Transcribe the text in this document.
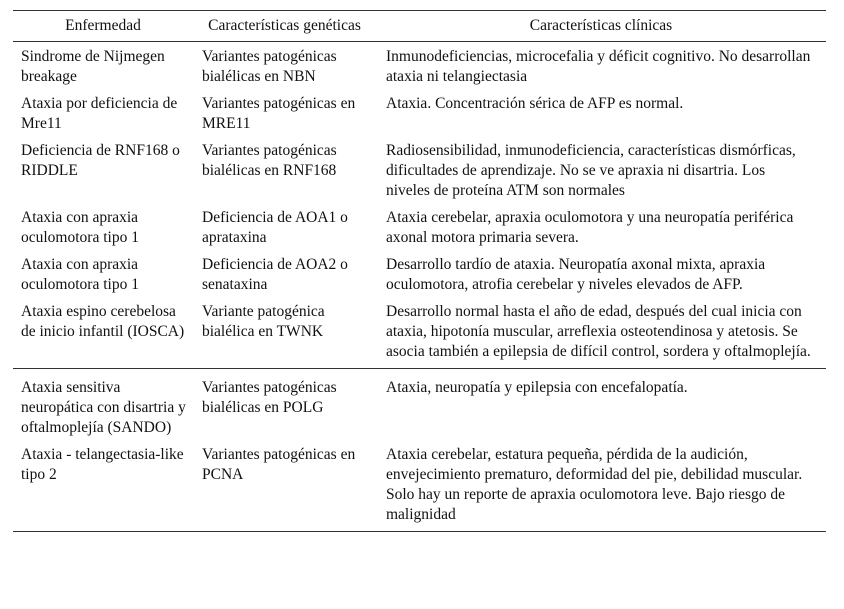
Enfermedad	Características genéticas	Características clínicas
Sindrome de Nijmegen breakage	Variantes patogénicas bialélicas en NBN	Inmunodeficiencias, microcefalia y déficit cognitivo. No desarrollan ataxia ni telangiectasia
Ataxia por deficiencia de Mre11	Variantes patogénicas en MRE11	Ataxia. Concentración sérica de AFP es normal.
Deficiencia de RNF168 o RIDDLE	Variantes patogénicas bialélicas en RNF168	Radiosensibilidad, inmunodeficiencia, características dismórficas, dificultades de aprendizaje. No se ve apraxia ni disartria. Los niveles de proteína ATM son normales
Ataxia con apraxia oculomotora tipo 1	Deficiencia de AOA1 o aprataxina	Ataxia cerebelar, apraxia oculomotora y una neuropatía periférica axonal motora primaria severa.
Ataxia con apraxia oculomotora tipo 1	Deficiencia de AOA2 o senataxina	Desarrollo tardío de ataxia. Neuropatía axonal mixta, apraxia oculomotora, atrofia cerebelar y niveles elevados de AFP.
Ataxia espino cerebelosa de inicio infantil (IOSCA)	Variante patogénica bialélica en TWNK	Desarrollo normal hasta el año de edad, después del cual inicia con ataxia, hipotonía muscular, arreflexia osteotendinosa y atetosis. Se asocia también a epilepsia de difícil control, sordera y oftalmoplejía.
Ataxia sensitiva neuropática con disartria y oftalmoplejía (SANDO)	Variantes patogénicas bialélicas en POLG	Ataxia, neuropatía y epilepsia con encefalopatía.
Ataxia - telangectasia-like tipo 2	Variantes patogénicas en PCNA	Ataxia cerebelar, estatura pequeña, pérdida de la audición, envejecimiento prematuro, deformidad del pie, debilidad muscular. Solo hay un reporte de apraxia oculomotora leve. Bajo riesgo de malignidad
